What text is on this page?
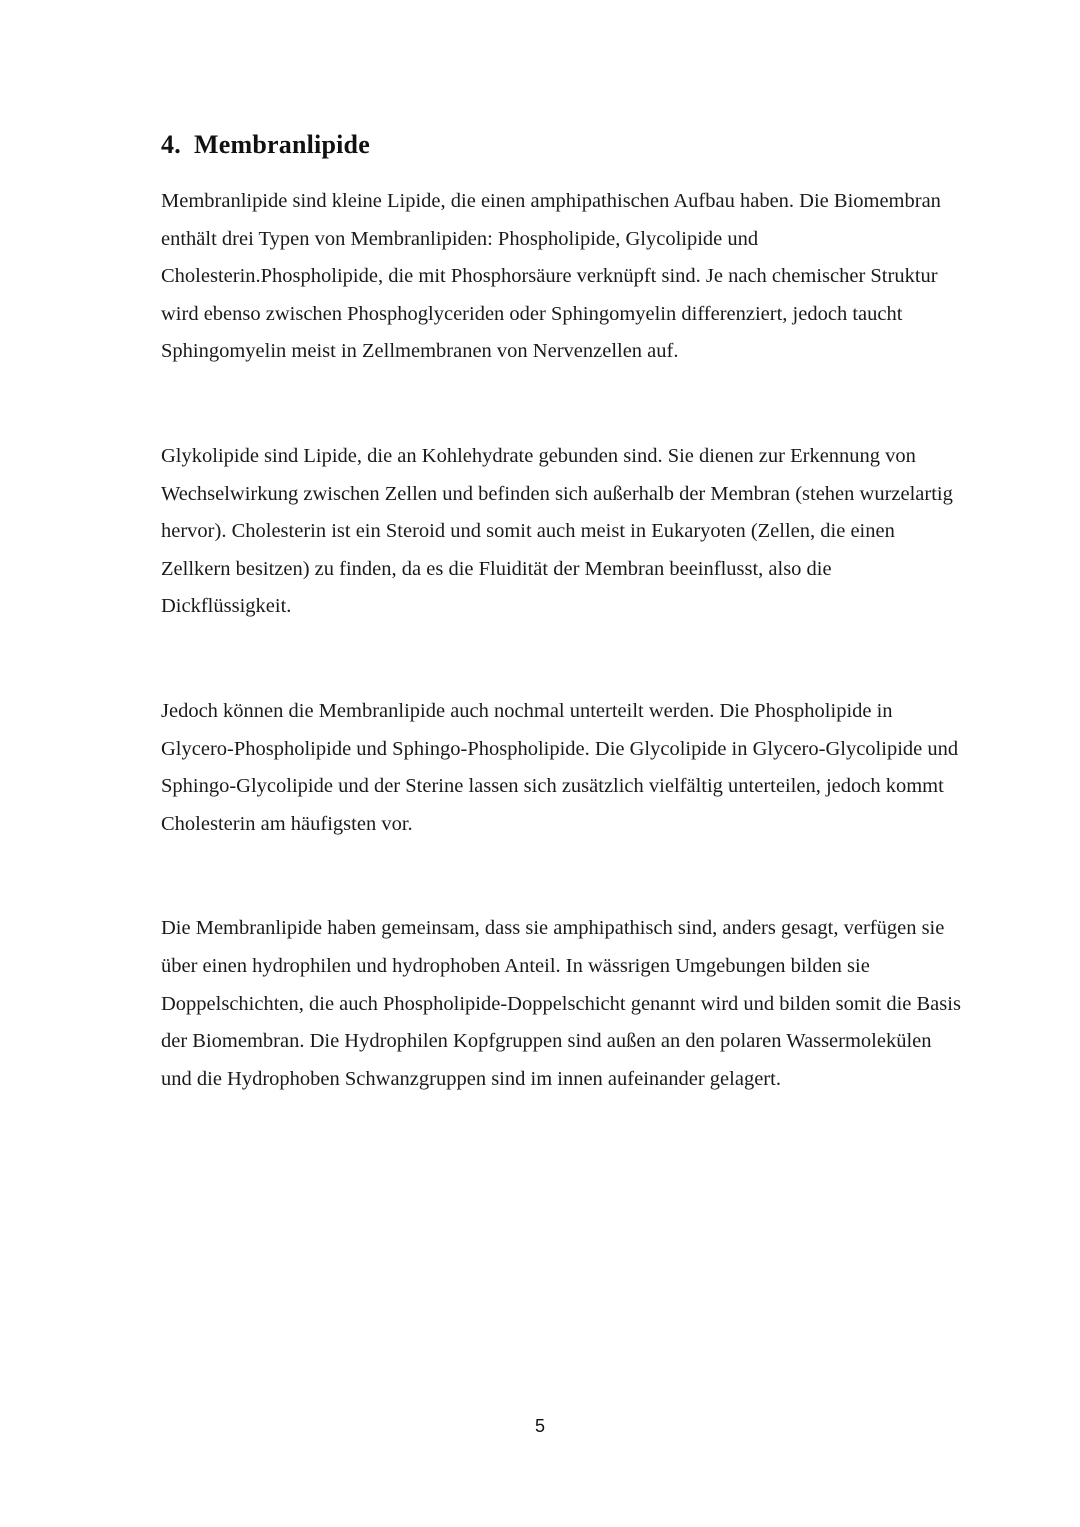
4. Membranlipide

Membranlipide sind kleine Lipide, die einen amphipathischen Aufbau haben. Die Biomembran enthält drei Typen von Membranlipiden: Phospholipide, Glycolipide und Cholesterin.Phospholipide, die mit Phosphorsäure verknüpft sind. Je nach chemischer Struktur wird ebenso zwischen Phosphoglyceriden oder Sphingomyelin differenziert, jedoch taucht Sphingomyelin meist in Zellmembranen von Nervenzellen auf.

Glykolipide sind Lipide, die an Kohlehydrate gebunden sind. Sie dienen zur Erkennung von Wechselwirkung zwischen Zellen und befinden sich außerhalb der Membran (stehen wurzelartig hervor). Cholesterin ist ein Steroid und somit auch meist in Eukaryoten (Zellen, die einen Zellkern besitzen) zu finden, da es die Fluidität der Membran beeinflusst, also die Dickflüssigkeit.

Jedoch können die Membranlipide auch nochmal unterteilt werden. Die Phospholipide in Glycero-Phospholipide und Sphingo-Phospholipide. Die Glycolipide in Glycero-Glycolipide und Sphingo-Glycolipide und der Sterine lassen sich zusätzlich vielfältig unterteilen, jedoch kommt Cholesterin am häufigsten vor.

Die Membranlipide haben gemeinsam, dass sie amphipathisch sind, anders gesagt, verfügen sie über einen hydrophilen und hydrophoben Anteil. In wässrigen Umgebungen bilden sie Doppelschichten, die auch Phospholipide-Doppelschicht genannt wird und bilden somit die Basis der Biomembran. Die Hydrophilen Kopfgruppen sind außen an den polaren Wassermolekülen und die Hydrophoben Schwanzgruppen sind im innen aufeinander gelagert.

5
